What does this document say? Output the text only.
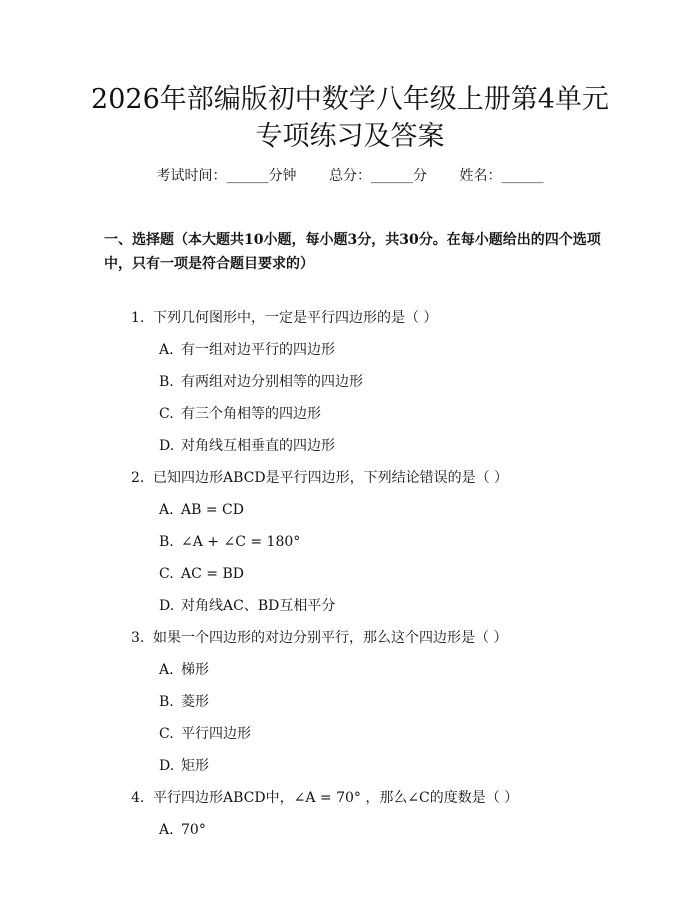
2026年部编版初中数学八年级上册第4单元
专项练习及答案
考试时间：______分钟 总分：______分 姓名：______
一、选择题（本大题共10小题，每小题3分，共30分。在每小题给出的四个选项中，只有一项是符合题目要求的）
1. 下列几何图形中，一定是平行四边形的是（ ）
A. 有一组对边平行的四边形
B. 有两组对边分别相等的四边形
C. 有三个角相等的四边形
D. 对角线互相垂直的四边形
2. 已知四边形ABCD是平行四边形，下列结论错误的是（ ）
A. AB = CD
B. ∠A + ∠C = 180°
C. AC = BD
D. 对角线AC、BD互相平分
3. 如果一个四边形的对边分别平行，那么这个四边形是（ ）
A. 梯形
B. 菱形
C. 平行四边形
D. 矩形
4. 平行四边形ABCD中，∠A = 70° ，那么∠C的度数是（ ）
A. 70°
